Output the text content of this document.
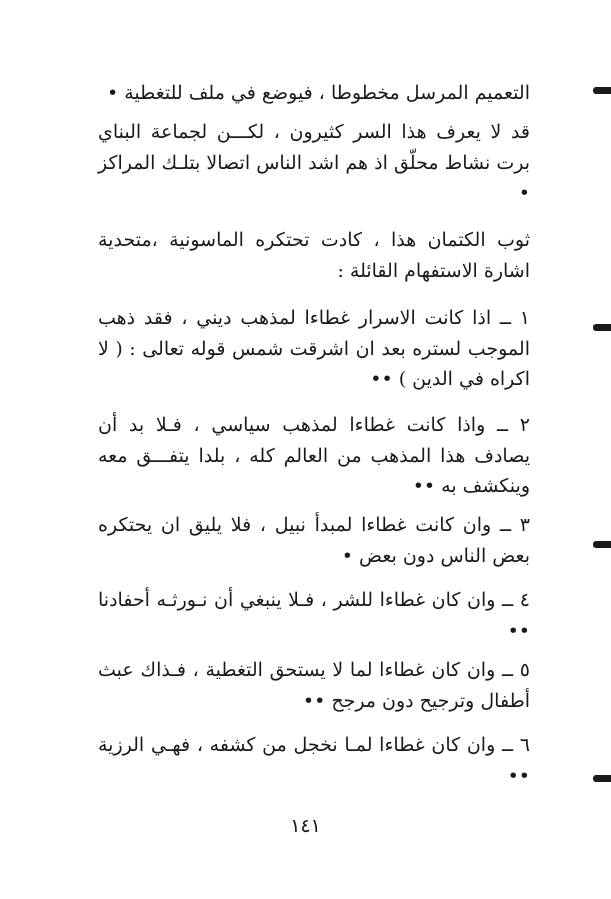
التعميم المرسل مخطوطا ، فيوضع في ملف للتغطية •

قد لا يعرف هذا السر كثيرون ، لكـــن لجماعة البناي برت نشاط محلّق اذ هم اشد الناس اتصالا بتلـك المراكز •

ثوب الكتمان هذا ، كادت تحتكره الماسونية ،متحدية اشارة الاستفهام القائلة :

١ ــ اذا كانت الاسرار غطاءا لمذهب ديني ، فقد ذهب الموجب لستره بعد ان اشرقت شمس قوله تعالى : ( لا اكراه في الدين ) ••

٢ ــ واذا كانت غطاءا لمذهب سياسي ، فـلا بد أن يصادف هذا المذهب من العالم كله ، بلدا يتفـــق معه وينكشف به ••

٣ ــ وان كانت غطاءا لمبدأ نبيل ، فلا يليق ان يحتكره بعض الناس دون بعض •

٤ ــ وان كان غطاءا للشر ، فـلا ينبغي أن نـورثـه أحفادنا ••

٥ ــ وان كان غطاءا لما لا يستحق التغطية ، فـذاك عبث أطفال وترجيح دون مرجح ••

٦ ــ وان كان غطاءا لمـا نخجل من كشفه ، فهـي الرزية ••

١٤١
